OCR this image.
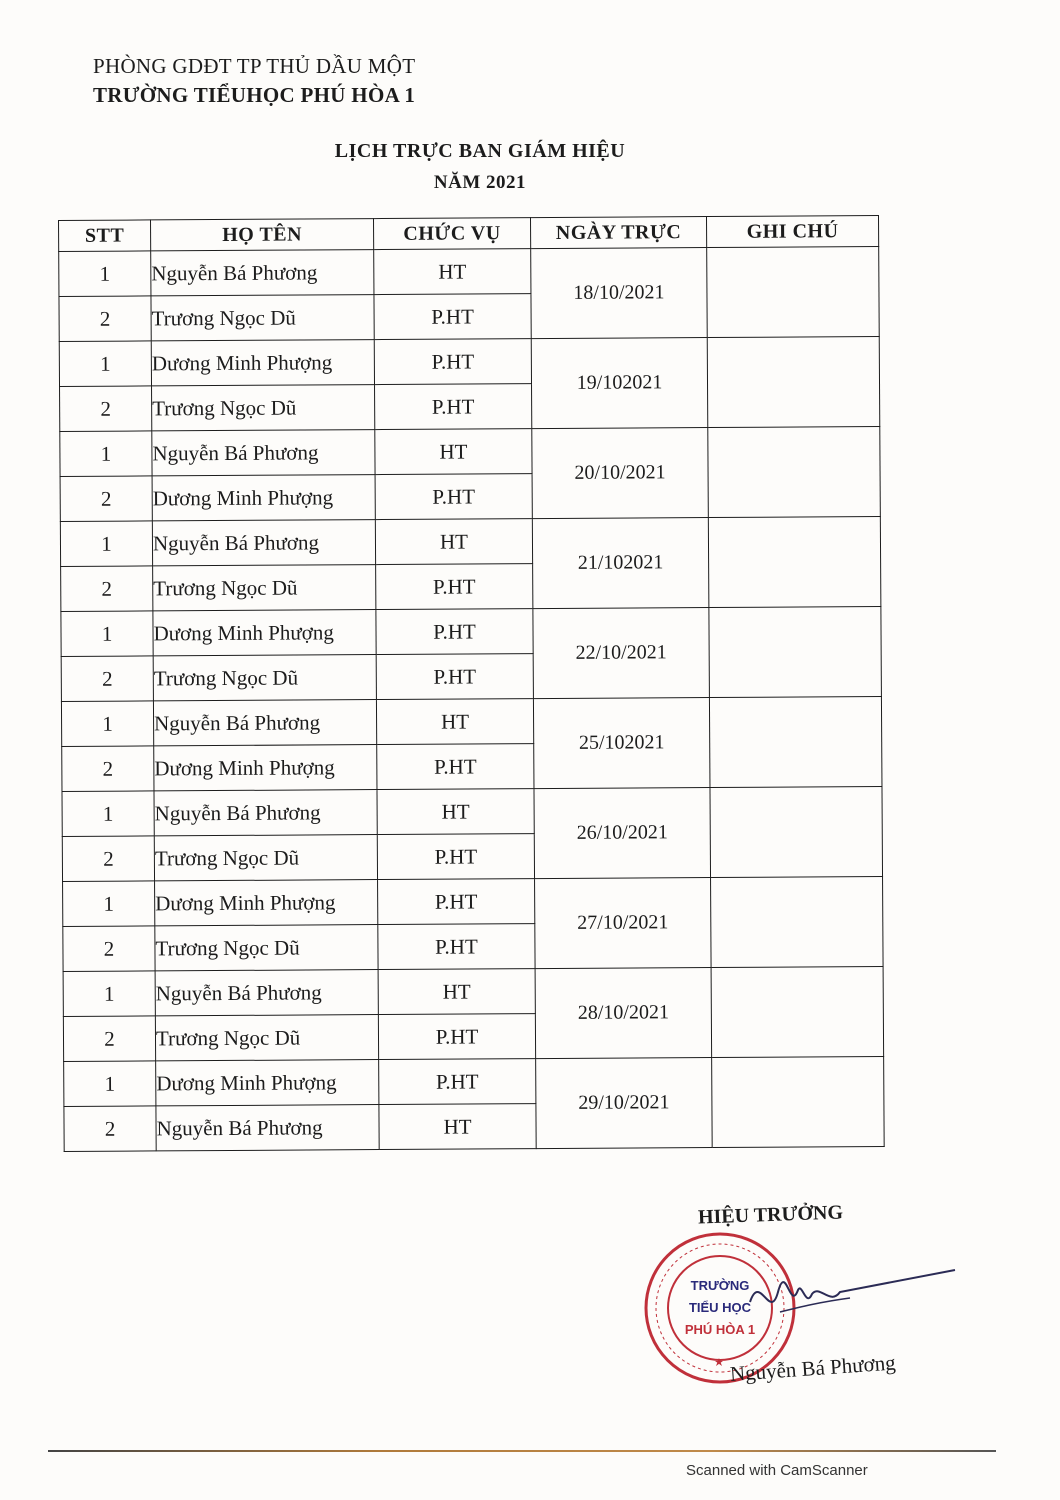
PHÒNG GDĐT TP THỦ DẦU MỘT
TRƯỜNG TIỂUHỌC PHÚ HÒA 1
LỊCH TRỰC BAN GIÁM HIỆU
NĂM 2021
STT	HỌ TÊN	CHỨC VỤ	NGÀY TRỰC	GHI CHÚ
1	Nguyễn Bá Phương	HT	18/10/2021	
2	Trương Ngọc Dũ	P.HT		
1	Dương Minh Phượng	P.HT	19/102021	
2	Trương Ngọc Dũ	P.HT		
1	Nguyễn Bá Phương	HT	20/10/2021	
2	Dương Minh Phượng	P.HT		
1	Nguyễn Bá Phương	HT	21/102021	
2	Trương Ngọc Dũ	P.HT		
1	Dương Minh Phượng	P.HT	22/10/2021	
2	Trương Ngọc Dũ	P.HT		
1	Nguyễn Bá Phương	HT	25/102021	
2	Dương Minh Phượng	P.HT		
1	Nguyễn Bá Phương	HT	26/10/2021	
2	Trương Ngọc Dũ	P.HT		
1	Dương Minh Phượng	P.HT	27/10/2021	
2	Trương Ngọc Dũ	P.HT		
1	Nguyễn Bá Phương	HT	28/10/2021	
2	Trương Ngọc Dũ	P.HT		
1	Dương Minh Phượng	P.HT	29/10/2021	
2	Nguyễn Bá Phương	HT		
HIỆU TRƯỞNG
TRƯỜNG
TIỂU HỌC
PHÚ HÒA 1
Nguyễn Bá Phương
Scanned with CamScanner
